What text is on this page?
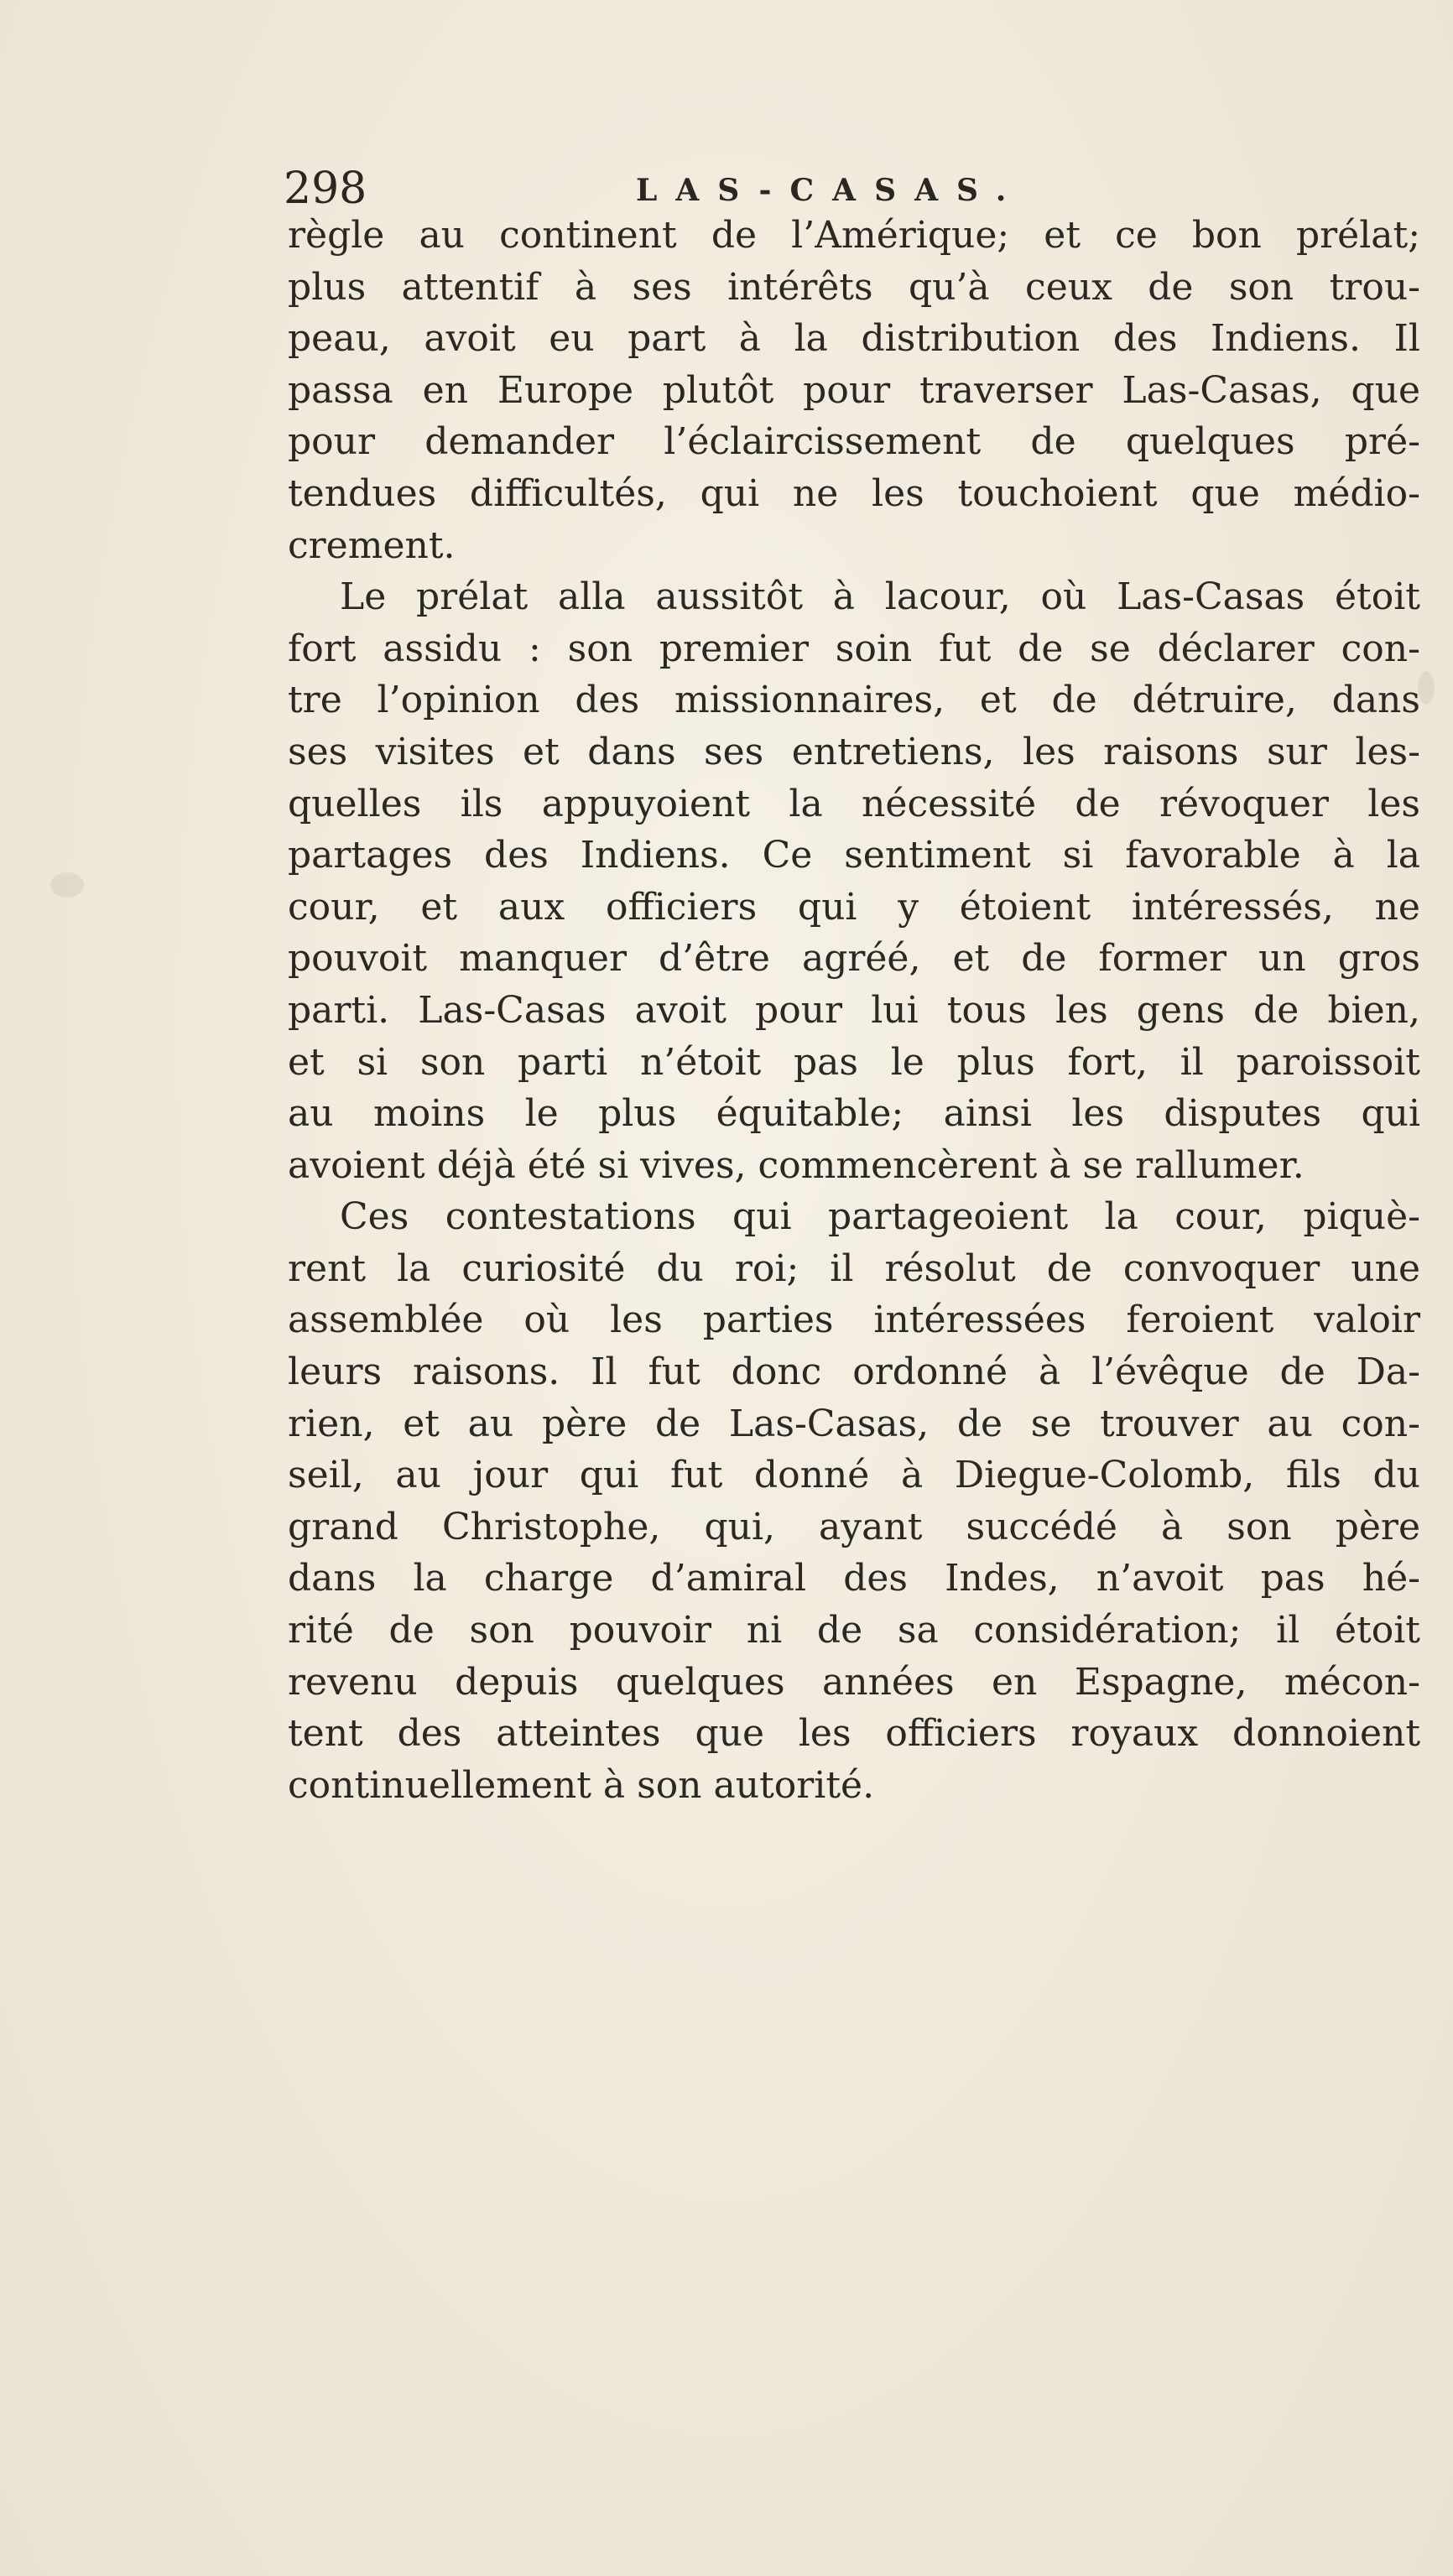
298	LAS-CASAS.
règle au continent de l’Amérique; et ce bon prélat;
plus attentif à ses intérêts qu’à ceux de son trou-
peau, avoit eu part à la distribution des Indiens. Il
passa en Europe plutôt pour traverser Las-Casas, que
pour demander l’éclaircissement de quelques pré-
tendues difficultés, qui ne les touchoient que médio-
crement.
Le prélat alla aussitôt à lacour, où Las-Casas étoit
fort assidu : son premier soin fut de se déclarer con-
tre l’opinion des missionnaires, et de détruire, dans
ses visites et dans ses entretiens, les raisons sur les-
quelles ils appuyoient la nécessité de révoquer les
partages des Indiens. Ce sentiment si favorable à la
cour, et aux officiers qui y étoient intéressés, ne
pouvoit manquer d’être agréé, et de former un gros
parti. Las-Casas avoit pour lui tous les gens de bien,
et si son parti n’étoit pas le plus fort, il paroissoit
au moins le plus équitable; ainsi les disputes qui
avoient déjà été si vives, commencèrent à se rallumer.
Ces contestations qui partageoient la cour, piquè-
rent la curiosité du roi; il résolut de convoquer une
assemblée où les parties intéressées feroient valoir
leurs raisons. Il fut donc ordonné à l’évêque de Da-
rien, et au père de Las-Casas, de se trouver au con-
seil, au jour qui fut donné à Diegue-Colomb, fils du
grand Christophe, qui, ayant succédé à son père
dans la charge d’amiral des Indes, n’avoit pas hé-
rité de son pouvoir ni de sa considération; il étoit
revenu depuis quelques années en Espagne, mécon-
tent des atteintes que les officiers royaux donnoient
continuellement à son autorité.
